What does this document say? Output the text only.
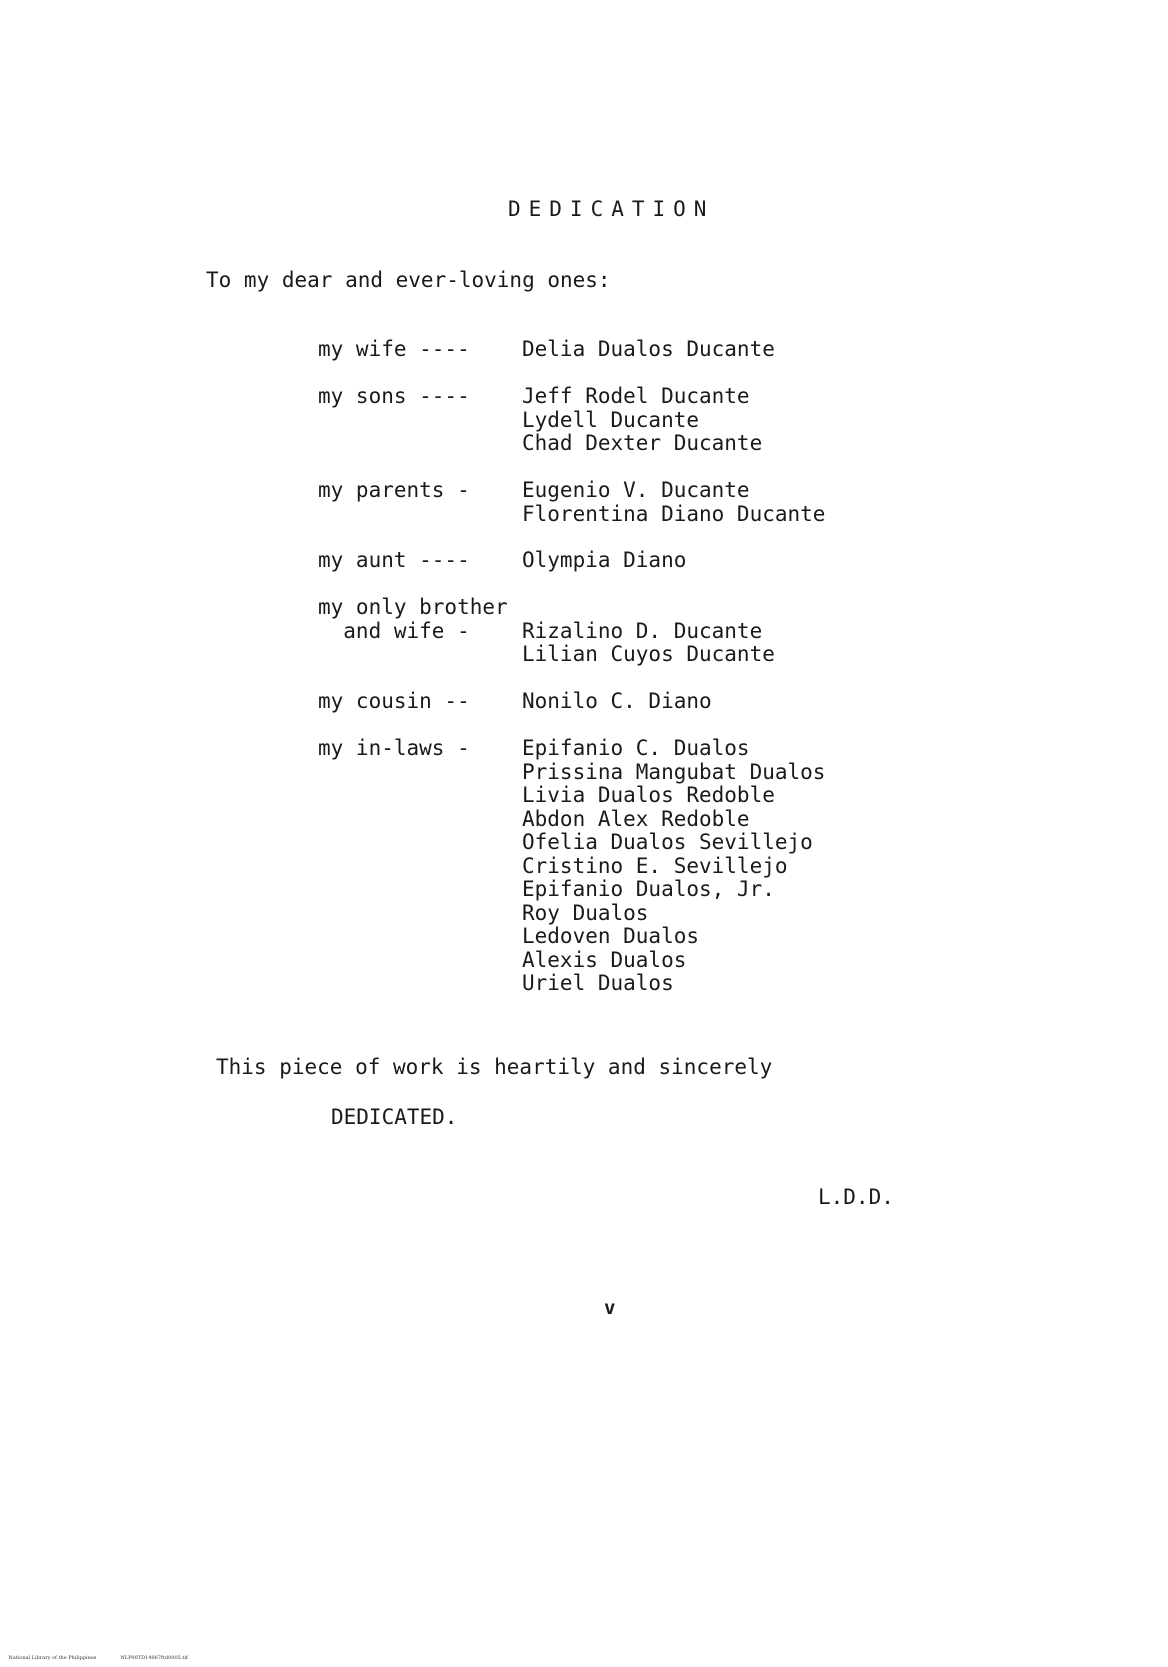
DEDICATION
To my dear and ever-loving ones:
my wife ---- Delia Dualos Ducante
my sons ---- Jeff Rodel Ducante
Lydell Ducante
Chad Dexter Ducante
my parents - Eugenio V. Ducante
Florentina Diano Ducante
my aunt ---- Olympia Diano
my only brother
and wife -	Rizalino D. Ducante
Lilian Cuyos Ducante
my cousin -- Nonilo C. Diano
my in-laws - Epifanio C. Dualos
Prissina Mangubat Dualos
Livia Dualos Redoble
Abdon Alex Redoble
Ofelia Dualos Sevillejo
Cristino E. Sevillejo
Epifanio Dualos, Jr.
Roy Dualos
Ledoven Dualos
Alexis Dualos
Uriel Dualos
This piece of work is heartily and sincerely
DEDICATED.
L.D.D.
v

National Library of the Philippines	NLP00TD14067ftd0005.tif
